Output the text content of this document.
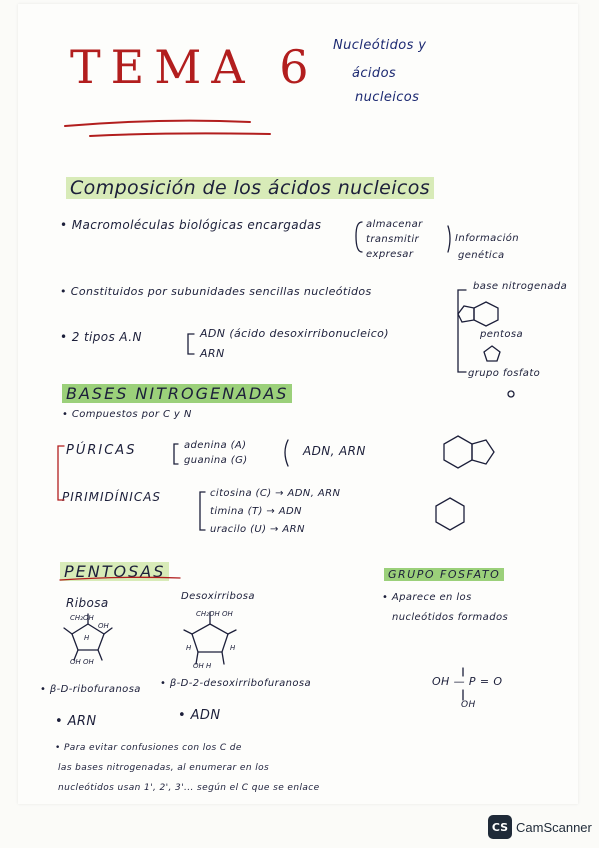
TEMA 6 Nucleótidos y
ácidos
nucleicos
Composición de los ácidos nucleicos
• Macromoléculas biológicas encargadas	almacenar
transmitir
expresar
Información
genética
• Constituidos por subunidades sencillas nucleótidos	base nitrogenada
pentosa
grupo fosfato
• 2 tipos A.N	ADN (ácido desoxirribonucleico)
ARN
BASES NITROGENADAS
• Compuestos por C y N
PÚRICAS	adenina (A)
guanina (G)
ADN, ARN
PIRIMIDÍNICAS	citosina (C) → ADN, ARN
timina (T) → ADN
uracilo (U) → ARN
PENTOSAS
Ribosa	Desoxirribosa
• β-D-ribofuranosa
• β-D-2-desoxirribofuranosa
• ARN	• ADN
• Para evitar confusiones con los C de
las bases nitrogenadas, al enumerar en los
nucleótidos usan 1', 2', 3'... según el C que se enlace
GRUPO FOSFATO
• Aparece en los
nucleótidos formados
OH — P = O
OH
CH₂OH
OH
H
OH OH
CH₂OH OH
H	H
OH H
CS CamScanner
